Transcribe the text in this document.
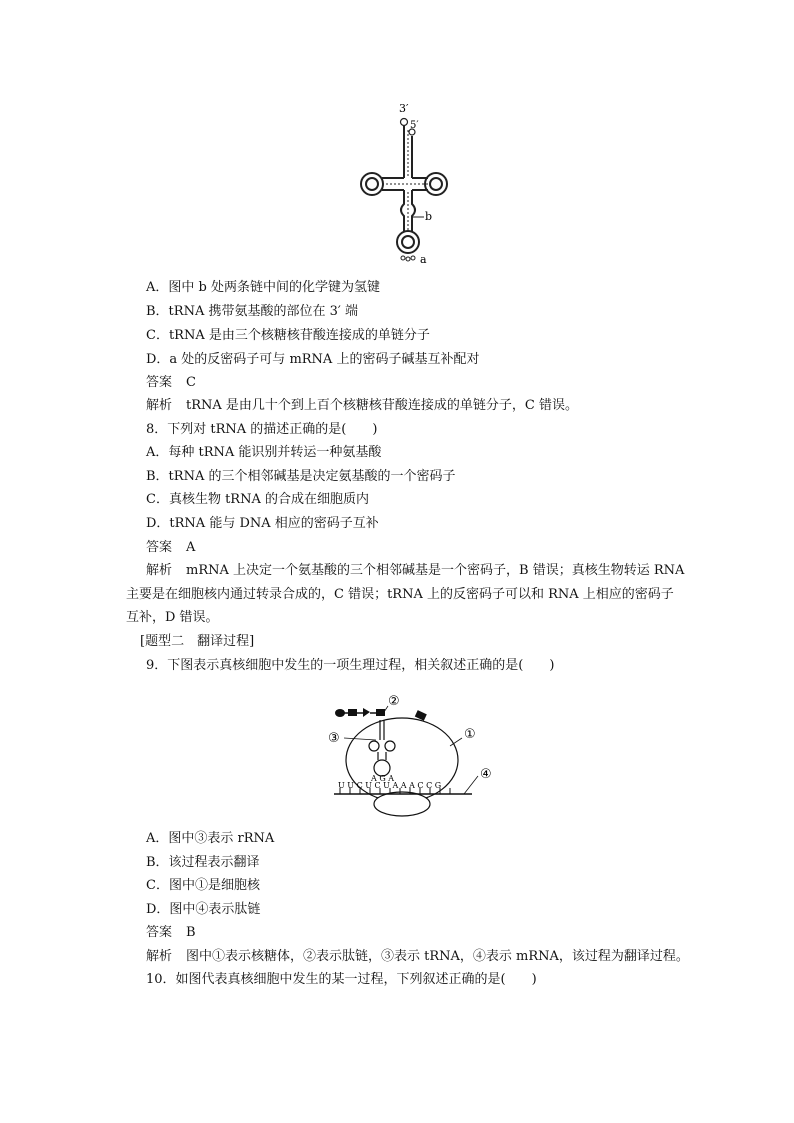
3′
5′
b
a
A．图中 b 处两条链中间的化学键为氢键
B．tRNA 携带氨基酸的部位在 3′ 端
C．tRNA 是由三个核糖核苷酸连接成的单链分子
D．a 处的反密码子可与 mRNA 上的密码子碱基互补配对
答案 C
解析 tRNA 是由几十个到上百个核糖核苷酸连接成的单链分子，C 错误。
8．下列对 tRNA 的描述正确的是(　　)
A．每种 tRNA 能识别并转运一种氨基酸
B．tRNA 的三个相邻碱基是决定氨基酸的一个密码子
C．真核生物 tRNA 的合成在细胞质内
D．tRNA 能与 DNA 相应的密码子互补
答案 A
解析 mRNA 上决定一个氨基酸的三个相邻碱基是一个密码子，B 错误；真核生物转运 RNA
主要是在细胞核内通过转录合成的，C 错误；tRNA 上的反密码子可以和 RNA 上相应的密码子
互补，D 错误。
[题型二　翻译过程]
9．下图表示真核细胞中发生的一项生理过程，相关叙述正确的是(　　)
A G A
U U C U C U A A A C C G
②
③	①
④
A．图中③表示 rRNA
B．该过程表示翻译
C．图中①是细胞核
D．图中④表示肽链
答案 B
解析 图中①表示核糖体，②表示肽链，③表示 tRNA，④表示 mRNA，该过程为翻译过程。
10．如图代表真核细胞中发生的某一过程，下列叙述正确的是(　　)
